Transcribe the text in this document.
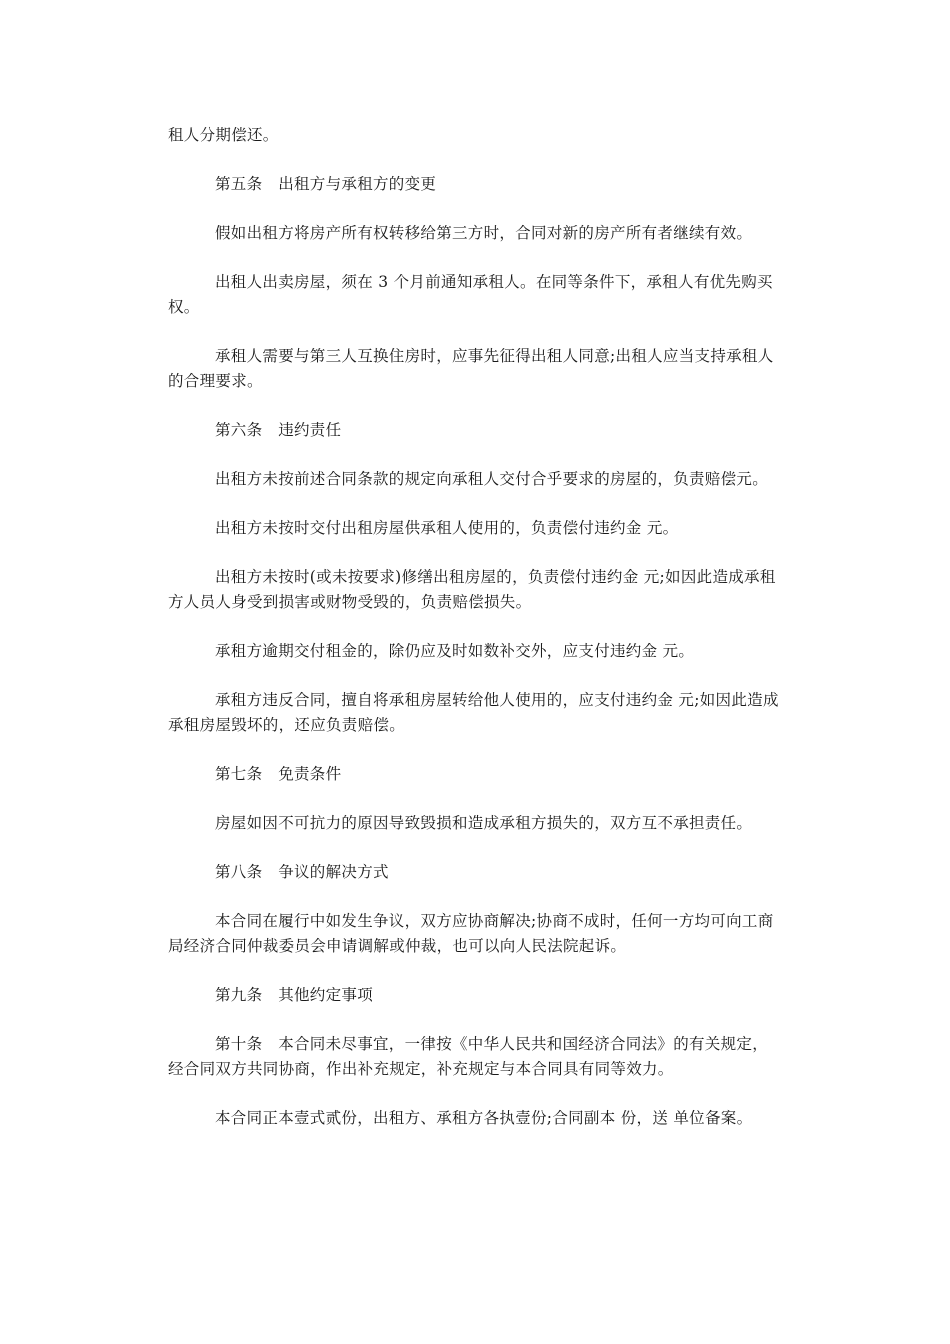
租人分期偿还。

第五条　出租方与承租方的变更

假如出租方将房产所有权转移给第三方时，合同对新的房产所有者继续有效。

出租人出卖房屋，须在 3 个月前通知承租人。在同等条件下，承租人有优先购买权。

承租人需要与第三人互换住房时，应事先征得出租人同意;出租人应当支持承租人的合理要求。

第六条　违约责任

出租方未按前述合同条款的规定向承租人交付合乎要求的房屋的，负责赔偿元。

出租方未按时交付出租房屋供承租人使用的，负责偿付违约金 元。

出租方未按时(或未按要求)修缮出租房屋的，负责偿付违约金 元;如因此造成承租方人员人身受到损害或财物受毁的，负责赔偿损失。

承租方逾期交付租金的，除仍应及时如数补交外，应支付违约金 元。

承租方违反合同，擅自将承租房屋转给他人使用的，应支付违约金 元;如因此造成承租房屋毁坏的，还应负责赔偿。

第七条　免责条件

房屋如因不可抗力的原因导致毁损和造成承租方损失的，双方互不承担责任。

第八条　争议的解决方式

本合同在履行中如发生争议，双方应协商解决;协商不成时，任何一方均可向工商局经济合同仲裁委员会申请调解或仲裁，也可以向人民法院起诉。

第九条　其他约定事项

第十条　本合同未尽事宜，一律按《中华人民共和国经济合同法》的有关规定，经合同双方共同协商，作出补充规定，补充规定与本合同具有同等效力。

本合同正本壹式贰份，出租方、承租方各执壹份;合同副本 份，送 单位备案。
